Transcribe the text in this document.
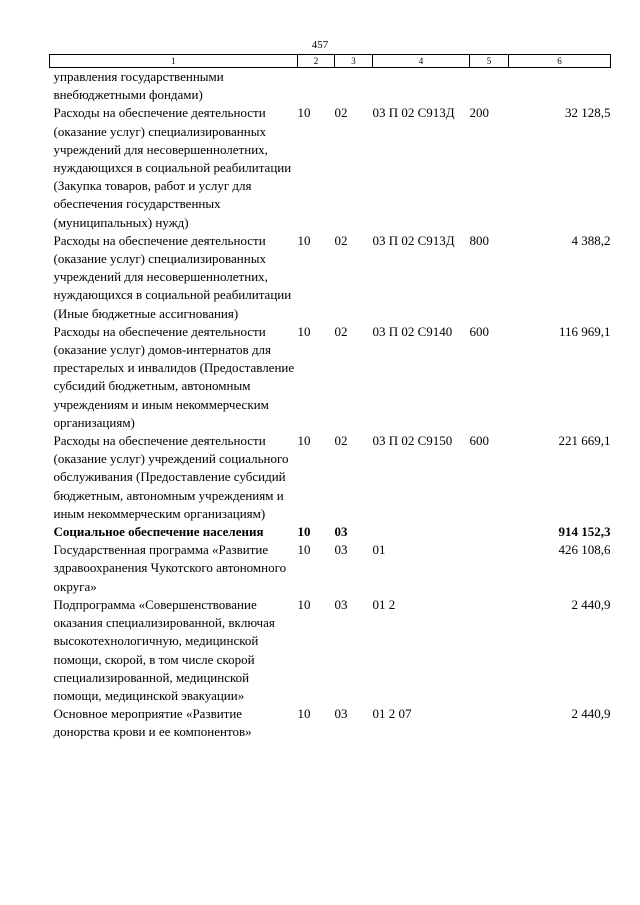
457
1	2	3	4	5	6
управления государственными внебюджетными фондами)					
Расходы на обеспечение деятельности (оказание услуг) специализированных учреждений для несовершеннолетних, нуждающихся в социальной реабилитации (Закупка товаров, работ и услуг для обеспечения государственных (муниципальных) нужд)	10	02	03 П 02 С913Д	200	32 128,5
Расходы на обеспечение деятельности (оказание услуг) специализированных учреждений для несовершеннолетних, нуждающихся в социальной реабилитации (Иные бюджетные ассигнования)	10	02	03 П 02 С913Д	800	4 388,2
Расходы на обеспечение деятельности (оказание услуг) домов-интернатов для престарелых и инвалидов (Предоставление субсидий бюджетным, автономным учреждениям и иным некоммерческим организациям)	10	02	03 П 02 С9140	600	116 969,1
Расходы на обеспечение деятельности (оказание услуг) учреждений социального обслуживания (Предоставление субсидий бюджетным, автономным учреждениям и иным некоммерческим организациям)	10	02	03 П 02 С9150	600	221 669,1
Социальное обеспечение населения	10	03			914 152,3
Государственная программа «Развитие здравоохранения Чукотского автономного округа»	10	03	01		426 108,6
Подпрограмма «Совершенствование оказания специализированной, включая высокотехнологичную, медицинской помощи, скорой, в том числе скорой специализированной, медицинской помощи, медицинской эвакуации»	10	03	01 2		2 440,9
Основное мероприятие «Развитие донорства крови и ее компонентов»	10	03	01 2 07		2 440,9
